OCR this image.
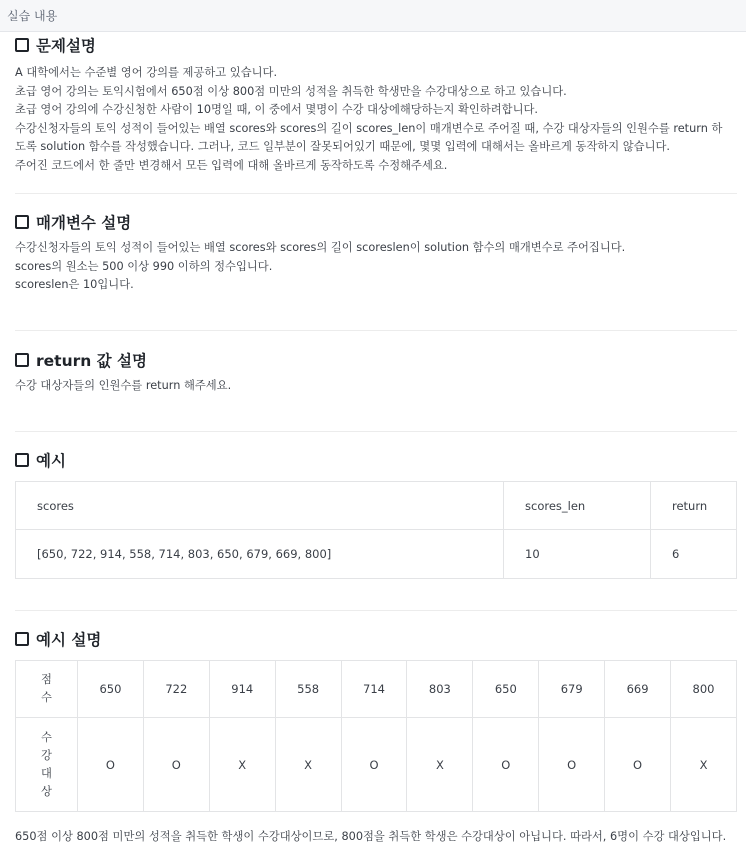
실습 내용
문제설명

A 대학에서는 수준별 영어 강의를 제공하고 있습니다.

초급 영어 강의는 토익시험에서 650점 이상 800점 미만의 성적을 취득한 학생만을 수강대상으로 하고 있습니다.

초급 영어 강의에 수강신청한 사람이 10명일 때, 이 중에서 몇명이 수강 대상에해당하는지 확인하려합니다.

수강신청자들의 토익 성적이 들어있는 배열 scores와 scores의 길이 scores_len이 매개변수로 주어질 때, 수강 대상자들의 인원수를 return 하도록 solution 함수를 작성했습니다. 그러나, 코드 일부분이 잘못되어있기 때문에, 몇몇 입력에 대해서는 올바르게 동작하지 않습니다.

주어진 코드에서 한 줄만 변경해서 모든 입력에 대해 올바르게 동작하도록 수정해주세요.

매개변수 설명

수강신청자들의 토익 성적이 들어있는 배열 scores와 scores의 길이 scoreslen이 solution 함수의 매개변수로 주어집니다.

scores의 원소는 500 이상 990 이하의 정수입니다.

scoreslen은 10입니다.

return 값 설명

수강 대상자들의 인원수를 return 해주세요.

예시
scores	scores_len	return
[650, 722, 914, 558, 714, 803, 650, 679, 669, 800]	10	6
예시 설명
점
수	650	722	914	558	714	803	650	679	669	800
수
강
대
상	O	O	X	X	O	X	O	O	O	X
650점 이상 800점 미만의 성적을 취득한 학생이 수강대상이므로, 800점을 취득한 학생은 수강대상이 아닙니다. 따라서, 6명이 수강 대상입니다.
